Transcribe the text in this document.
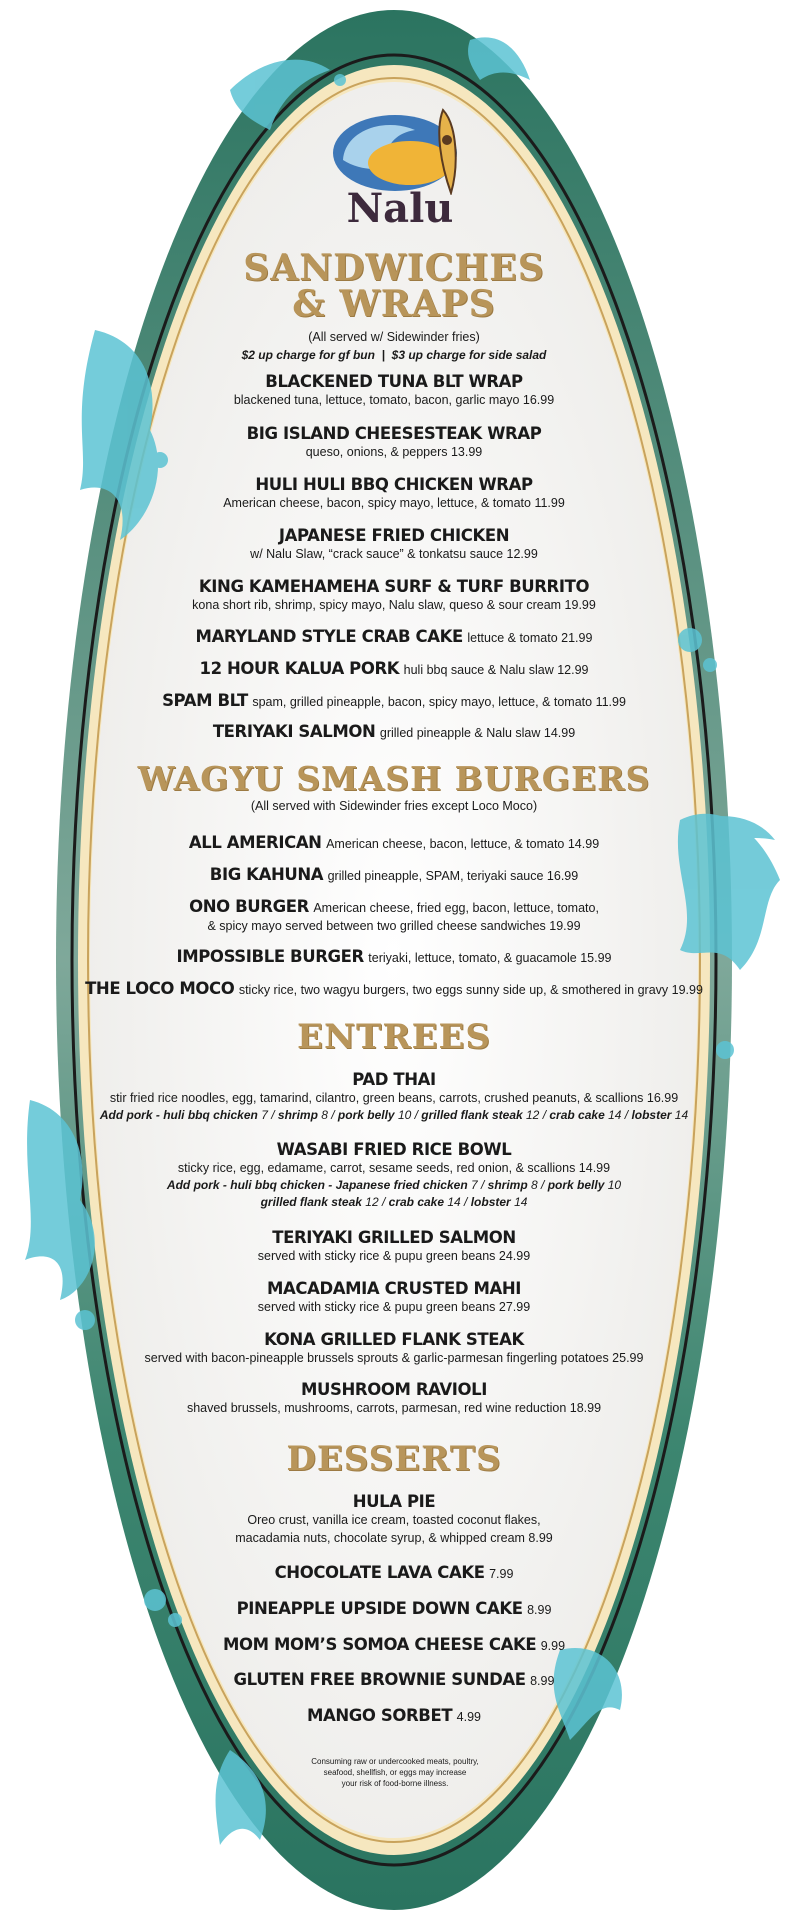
Nalu
SANDWICHES
& WRAPS

(All served w/ Sidewinder fries)

$2 up charge for gf bun  |  $3 up charge for side salad

BLACKENED TUNA BLT WRAP
blackened tuna, lettuce, tomato, bacon, garlic mayo 16.99
BIG ISLAND CHEESESTEAK WRAP
queso, onions, & peppers 13.99
HULI HULI BBQ CHICKEN WRAP
American cheese, bacon, spicy mayo, lettuce, & tomato 11.99
JAPANESE FRIED CHICKEN
w/ Nalu Slaw, “crack sauce” & tonkatsu sauce 12.99
KING KAMEHAMEHA SURF & TURF BURRITO
kona short rib, shrimp, spicy mayo, Nalu slaw, queso & sour cream 19.99
MARYLAND STYLE CRAB CAKE lettuce & tomato 21.99
12 HOUR KALUA PORK huli bbq sauce & Nalu slaw 12.99
SPAM BLT spam, grilled pineapple, bacon, spicy mayo, lettuce, & tomato 11.99
TERIYAKI SALMON grilled pineapple & Nalu slaw 14.99
WAGYU SMASH BURGERS

(All served with Sidewinder fries except Loco Moco)

ALL AMERICAN American cheese, bacon, lettuce, & tomato 14.99
BIG KAHUNA grilled pineapple, SPAM, teriyaki sauce 16.99
ONO BURGER American cheese, fried egg, bacon, lettuce, tomato,
& spicy mayo served between two grilled cheese sandwiches 19.99
IMPOSSIBLE BURGER teriyaki, lettuce, tomato, & guacamole 15.99
THE LOCO MOCO sticky rice, two wagyu burgers, two eggs sunny side up, & smothered in gravy 19.99
ENTREES
PAD THAI
stir fried rice noodles, egg, tamarind, cilantro, green beans, carrots, crushed peanuts, & scallions 16.99
Add pork - huli bbq chicken 7 / shrimp 8 / pork belly 10 / grilled flank steak 12 / crab cake 14 / lobster 14
WASABI FRIED RICE BOWL
sticky rice, egg, edamame, carrot, sesame seeds, red onion, & scallions 14.99
Add pork - huli bbq chicken - Japanese fried chicken 7 / shrimp 8 / pork belly 10
grilled flank steak 12 / crab cake 14 / lobster 14
TERIYAKI GRILLED SALMON
served with sticky rice & pupu green beans 24.99
MACADAMIA CRUSTED MAHI
served with sticky rice & pupu green beans 27.99
KONA GRILLED FLANK STEAK
served with bacon-pineapple brussels sprouts & garlic-parmesan fingerling potatoes 25.99
MUSHROOM RAVIOLI
shaved brussels, mushrooms, carrots, parmesan, red wine reduction 18.99
DESSERTS
HULA PIE
Oreo crust, vanilla ice cream, toasted coconut flakes,
macadamia nuts, chocolate syrup, & whipped cream 8.99
CHOCOLATE LAVA CAKE 7.99
PINEAPPLE UPSIDE DOWN CAKE 8.99
MOM MOM’S SOMOA CHEESE CAKE 9.99
GLUTEN FREE BROWNIE SUNDAE 8.99
MANGO SORBET 4.99
Consuming raw or undercooked meats, poultry,
seafood, shellfish, or eggs may increase
your risk of food-borne illness.
